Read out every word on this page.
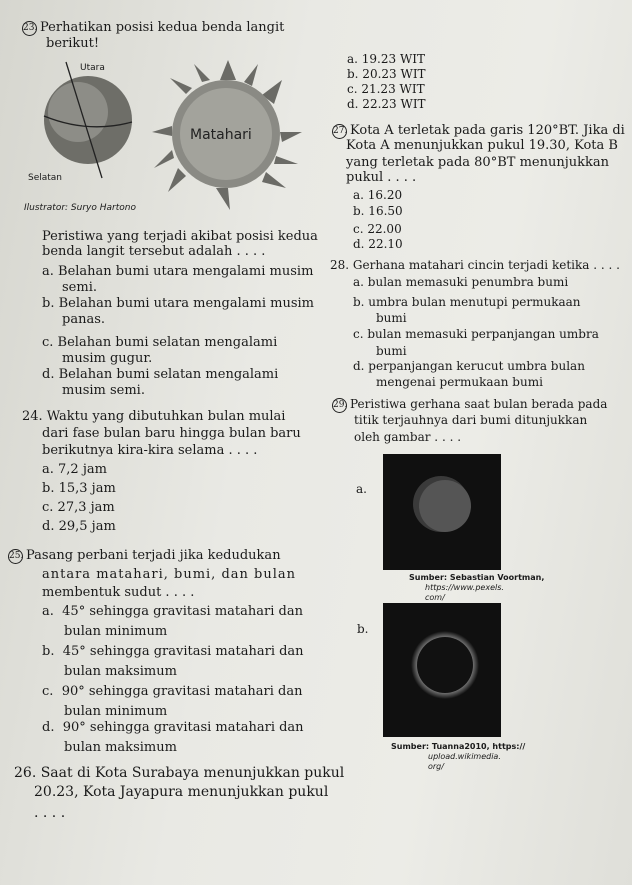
23. Perhatikan posisi kedua benda langit
berikut!
Utara
Selatan
Matahari
Ilustrator: Suryo Hartono
Peristiwa yang terjadi akibat posisi kedua
benda langit tersebut adalah . . . .
a. Belahan bumi utara mengalami musim
semi.
b. Belahan bumi utara mengalami musim
panas.
c. Belahan bumi selatan mengalami
musim gugur.
d. Belahan bumi selatan mengalami
musim semi.
24. Waktu yang dibutuhkan bulan mulai
dari fase bulan baru hingga bulan baru
berikutnya kira-kira selama . . . .
a. 7,2 jam
b. 15,3 jam
c. 27,3 jam
d. 29,5 jam
25. Pasang perbani terjadi jika kedudukan
antara matahari, bumi, dan bulan
membentuk sudut . . . .
a. 45° sehingga gravitasi matahari dan
bulan minimum
b. 45° sehingga gravitasi matahari dan
bulan maksimum
c. 90° sehingga gravitasi matahari dan
bulan minimum
d. 90° sehingga gravitasi matahari dan
bulan maksimum
26. Saat di Kota Surabaya menunjukkan pukul
20.23, Kota Jayapura menunjukkan pukul
. . . .
a. 19.23 WIT
b. 20.23 WIT
c. 21.23 WIT
d. 22.23 WIT
27. Kota A terletak pada garis 120°BT. Jika di
Kota A menunjukkan pukul 19.30, Kota B
yang terletak pada 80°BT menunjukkan
pukul . . . .
a. 16.20
b. 16.50
c. 22.00
d. 22.10
28. Gerhana matahari cincin terjadi ketika . . . .
a. bulan memasuki penumbra bumi
b. umbra bulan menutupi permukaan
bumi
c. bulan memasuki perpanjangan umbra
bumi
d. perpanjangan kerucut umbra bulan
mengenai permukaan bumi
29. Peristiwa gerhana saat bulan berada pada
titik terjauhnya dari bumi ditunjukkan
oleh gambar . . . .
a.
Sumber: Sebastian Voortman,
https://www.pexels.
com/
b.
Sumber: Tuanna2010, https://
upload.wikimedia.
org/
